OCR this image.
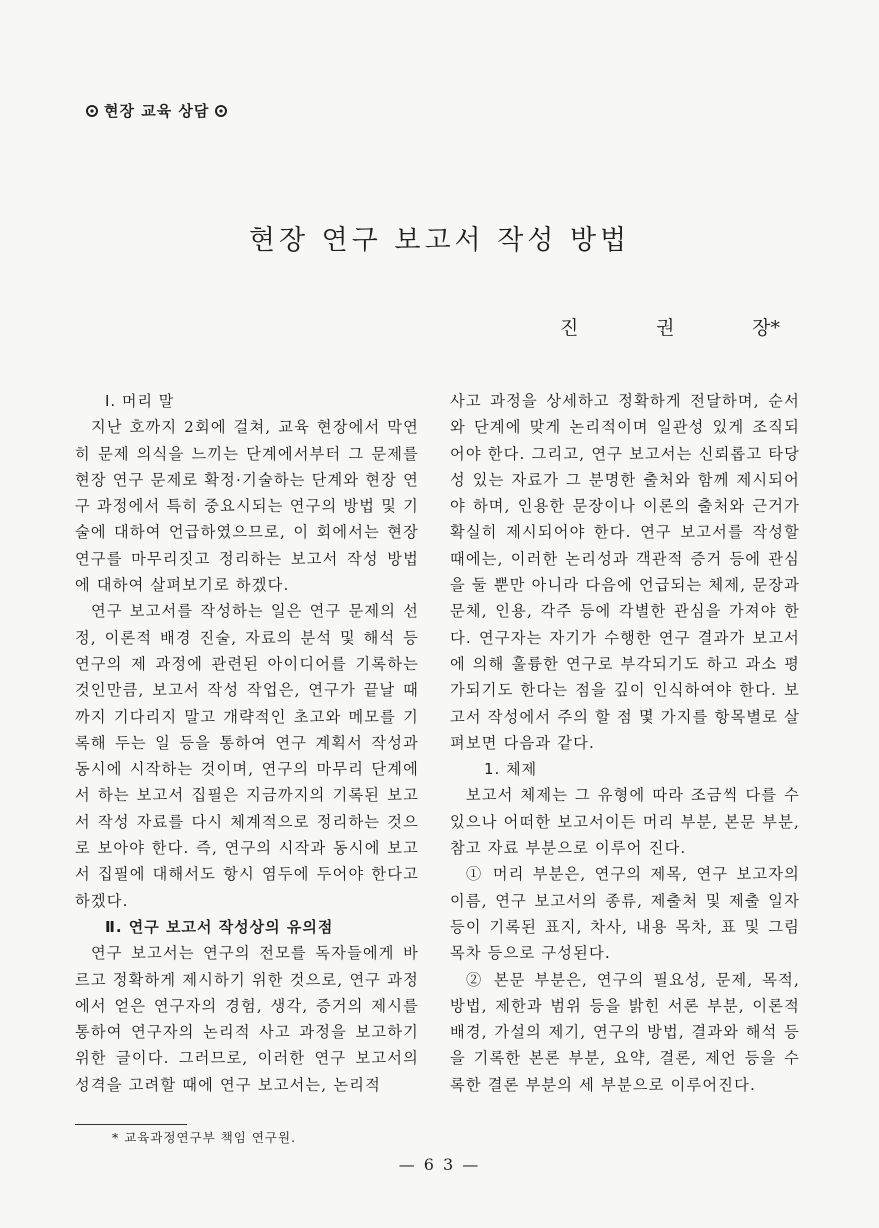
현장 교육 상담
현장 연구 보고서 작성 방법
진	권	장*

Ⅰ. 머리 말

지난 호까지 2회에 걸쳐, 교육 현장에서 막연히 문제 의식을 느끼는 단계에서부터 그 문제를 현장 연구 문제로 확정·기술하는 단계와 현장 연구 과정에서 특히 중요시되는 연구의 방법 및 기술에 대하여 언급하였으므로, 이 회에서는 현장 연구를 마무리짓고 정리하는 보고서 작성 방법에 대하여 살펴보기로 하겠다.

연구 보고서를 작성하는 일은 연구 문제의 선정, 이론적 배경 진술, 자료의 분석 및 해석 등 연구의 제 과정에 관련된 아이디어를 기록하는 것인만큼, 보고서 작성 작업은, 연구가 끝날 때까지 기다리지 말고 개략적인 초고와 메모를 기록해 두는 일 등을 통하여 연구 계획서 작성과 동시에 시작하는 것이며, 연구의 마무리 단계에서 하는 보고서 집필은 지금까지의 기록된 보고서 작성 자료를 다시 체계적으로 정리하는 것으로 보아야 한다. 즉, 연구의 시작과 동시에 보고서 집필에 대해서도 항시 염두에 두어야 한다고 하겠다.

Ⅱ. 연구 보고서 작성상의 유의점

연구 보고서는 연구의 전모를 독자들에게 바르고 정확하게 제시하기 위한 것으로, 연구 과정에서 얻은 연구자의 경험, 생각, 증거의 제시를 통하여 연구자의 논리적 사고 과정을 보고하기 위한 글이다. 그러므로, 이러한 연구 보고서의 성격을 고려할 때에 연구 보고서는, 논리적

사고 과정을 상세하고 정확하게 전달하며, 순서와 단계에 맞게 논리적이며 일관성 있게 조직되어야 한다. 그리고, 연구 보고서는 신뢰롭고 타당성 있는 자료가 그 분명한 출처와 함께 제시되어야 하며, 인용한 문장이나 이론의 출처와 근거가 확실히 제시되어야 한다. 연구 보고서를 작성할 때에는, 이러한 논리성과 객관적 증거 등에 관심을 둘 뿐만 아니라 다음에 언급되는 체제, 문장과 문체, 인용, 각주 등에 각별한 관심을 가져야 한다. 연구자는 자기가 수행한 연구 결과가 보고서에 의해 훌륭한 연구로 부각되기도 하고 과소 평가되기도 한다는 점을 깊이 인식하여야 한다. 보고서 작성에서 주의 할 점 몇 가지를 항목별로 살펴보면 다음과 같다.

1. 체제

보고서 체제는 그 유형에 따라 조금씩 다를 수 있으나 어떠한 보고서이든 머리 부분, 본문 부분, 참고 자료 부분으로 이루어 진다.

① 머리 부분은, 연구의 제목, 연구 보고자의 이름, 연구 보고서의 종류, 제출처 및 제출 일자 등이 기록된 표지, 차사, 내용 목차, 표 및 그림 목차 등으로 구성된다.

② 본문 부분은, 연구의 필요성, 문제, 목적, 방법, 제한과 범위 등을 밝힌 서론 부분, 이론적 배경, 가설의 제기, 연구의 방법, 결과와 해석 등을 기록한 본론 부분, 요약, 결론, 제언 등을 수록한 결론 부분의 세 부분으로 이루어진다.

* 교육과정연구부 책임 연구원.
— 6 3 —
